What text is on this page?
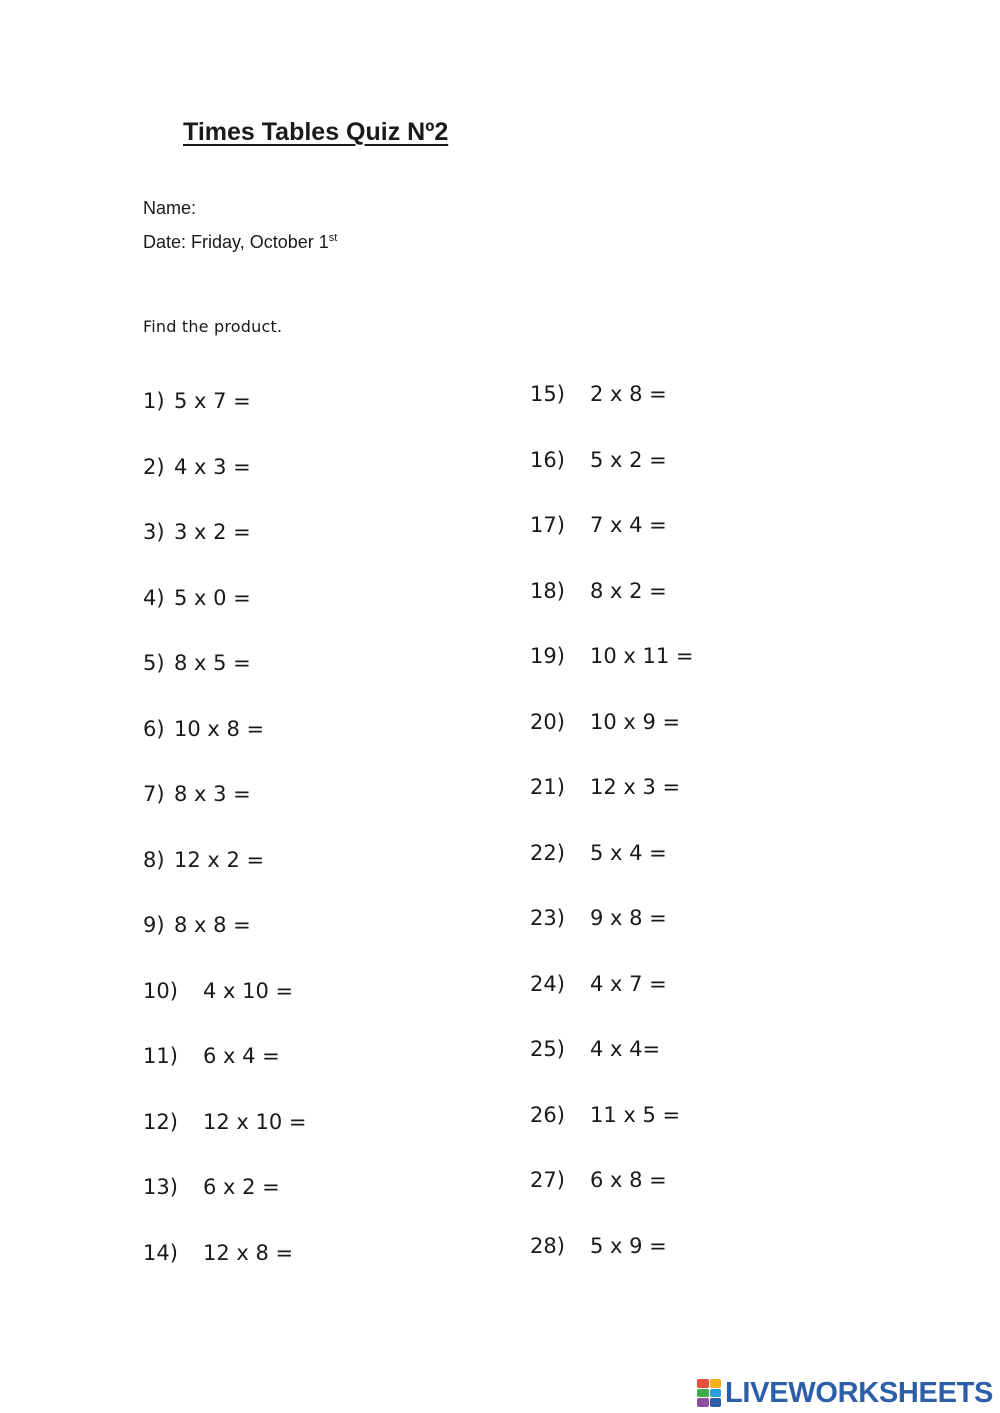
Times Tables Quiz Nº2
Name:
Date: Friday, October 1st
Find the product.
1) 5 x 7 =
2) 4 x 3 =
3) 3 x 2 =
4) 5 x 0 =
5) 8 x 5 =
6) 10 x 8 =
7) 8 x 3 =
8) 12 x 2 =
9) 8 x 8 =
10)	4 x 10 =
11)	6 x 4 =
12)	12 x 10 =
13)	6 x 2 =
14)	12 x 8 =
15)	2 x 8 =
16)	5 x 2 =
17)	7 x 4 =
18)	8 x 2 =
19)	10 x 11 =
20)	10 x 9 =
21)	12 x 3 =
22)	5 x 4 =
23)	9 x 8 =
24)	4 x 7 =
25)	4 x 4=
26)	11 x 5 =
27)	6 x 8 =
28)	5 x 9 =
LIVEWORKSHEETS
